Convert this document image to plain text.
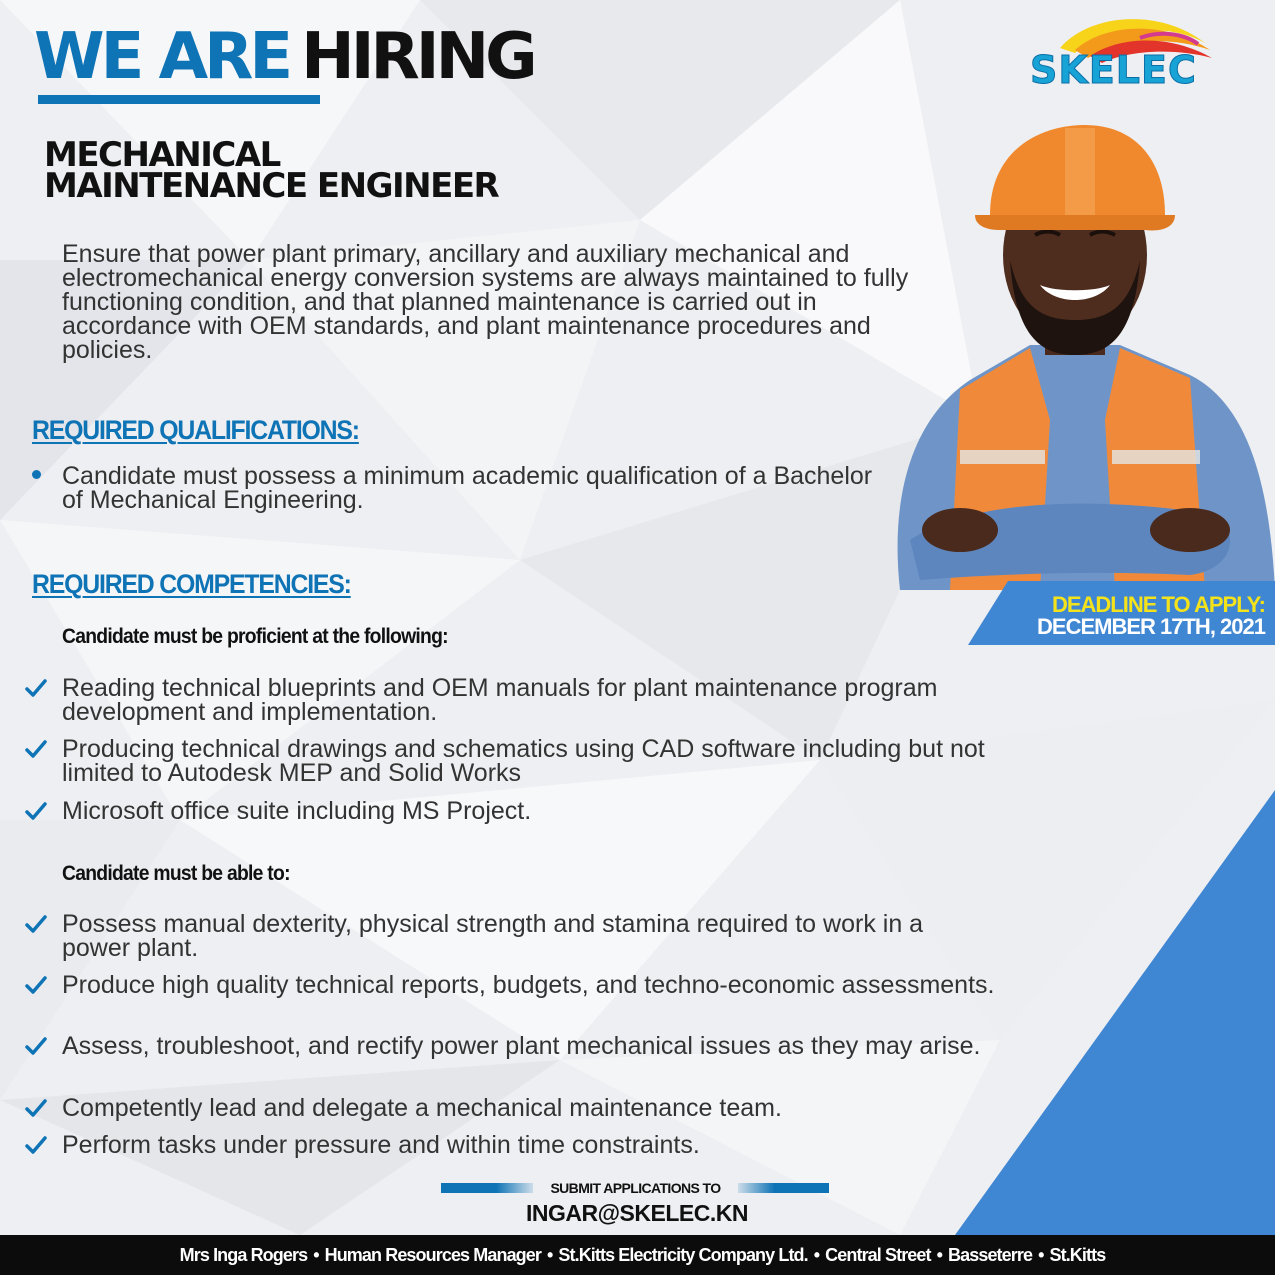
WE ARE HIRING	SKELEC
MECHANICAL
MAINTENANCE ENGINEER
Ensure that power plant primary, ancillary and auxiliary mechanical and electromechanical energy conversion systems are always maintained to fully functioning condition, and that planned maintenance is carried out in accordance with OEM standards, and plant maintenance procedures and policies.
REQUIRED QUALIFICATIONS:
Candidate must possess a minimum academic qualification of a Bachelor of Mechanical Engineering.
REQUIRED COMPETENCIES:
Candidate must be proficient at the following:
Reading technical blueprints and OEM manuals for plant maintenance program development and implementation.
Producing technical drawings and schematics using CAD software including but not limited to Autodesk MEP and Solid Works
Microsoft office suite including MS Project.
Candidate must be able to:
Possess manual dexterity, physical strength and stamina required to work in a power plant.
Produce high quality technical reports, budgets, and techno-economic assessments.
Assess, troubleshoot, and rectify power plant mechanical issues as they may arise.
Competently lead and delegate a mechanical maintenance team.
Perform tasks under pressure and within time constraints.
DEADLINE TO APPLY:
DECEMBER 17TH, 2021
SUBMIT APPLICATIONS TO
INGAR@SKELEC.KN
Mrs Inga Rogers • Human Resources Manager • St.Kitts Electricity Company Ltd. • Central Street • Basseterre • St.Kitts
